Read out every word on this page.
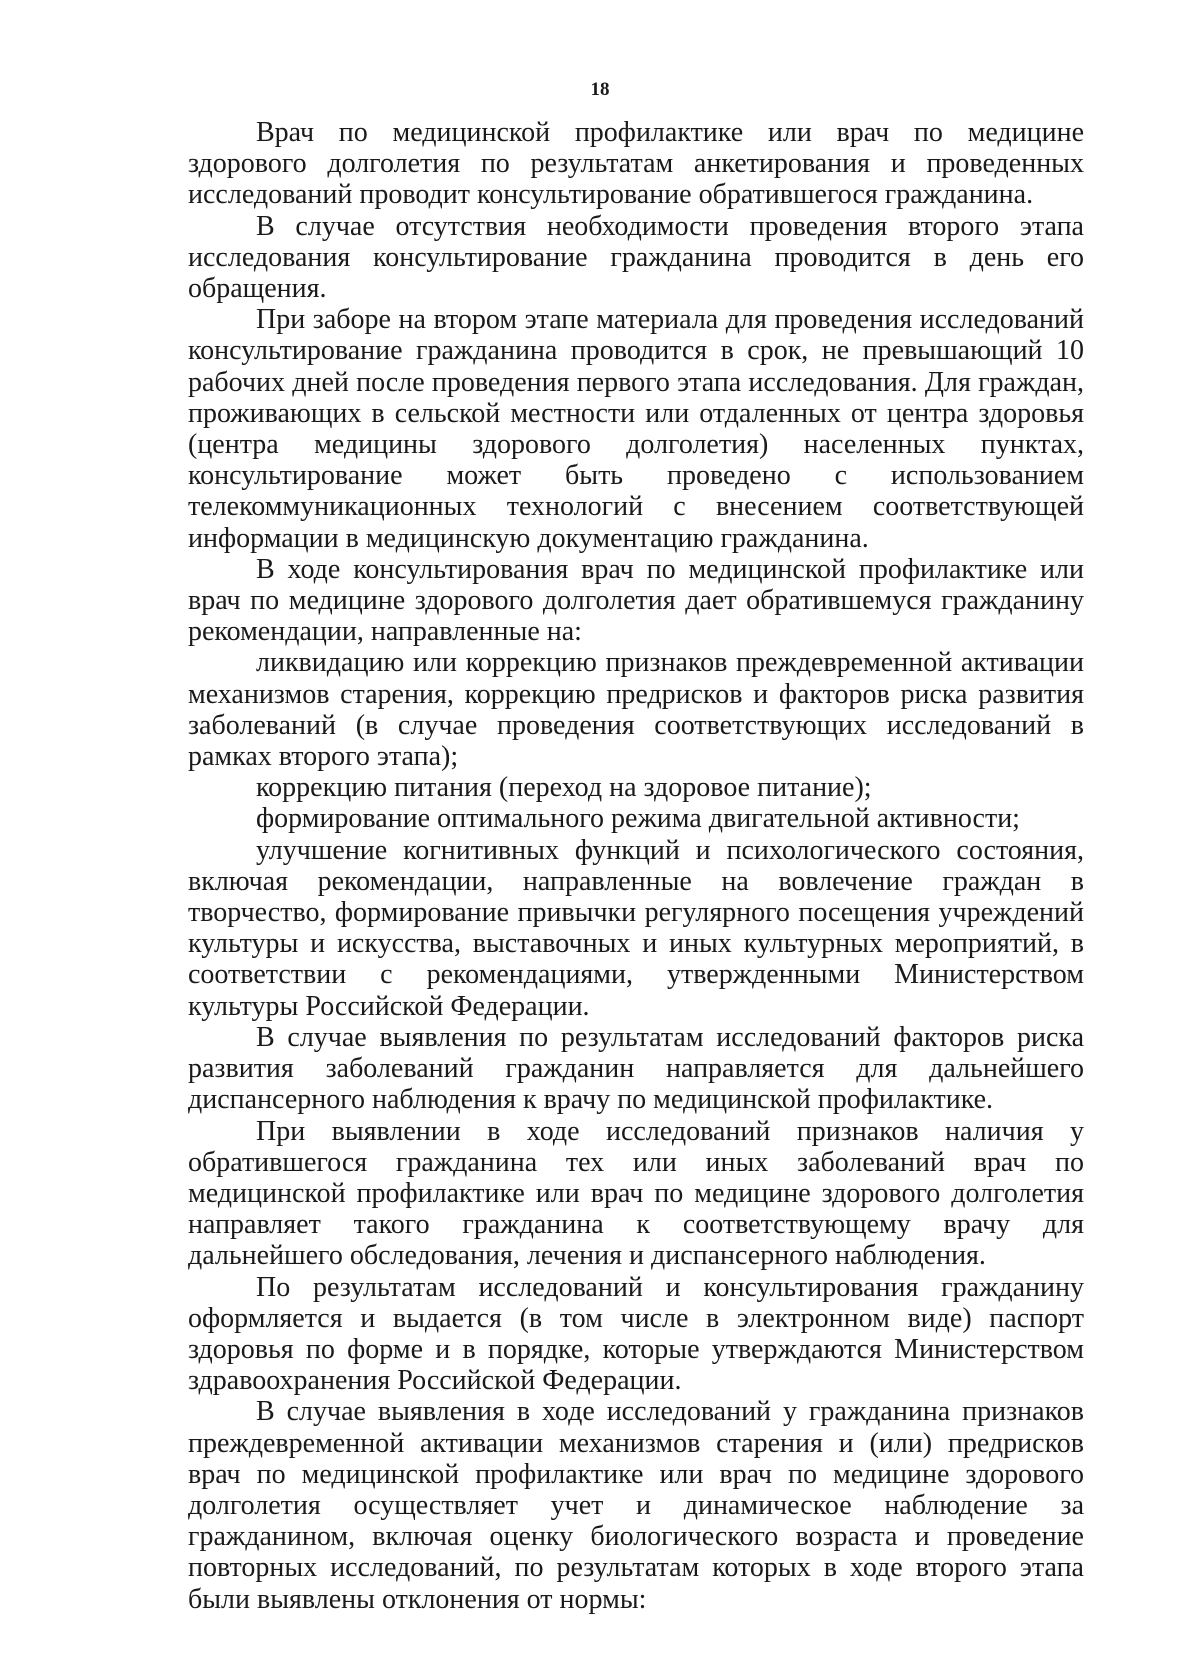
18

Врач по медицинской профилактике или врач по медицине здорового долголетия по результатам анкетирования и проведенных исследований проводит консультирование обратившегося гражданина.

В случае отсутствия необходимости проведения второго этапа исследования консультирование гражданина проводится в день его обращения.

При заборе на втором этапе материала для проведения исследований консультирование гражданина проводится в срок, не превышающий 10 рабочих дней после проведения первого этапа исследования. Для граждан, проживающих в сельской местности или отдаленных от центра здоровья (центра медицины здорового долголетия) населенных пунктах, консультирование может быть проведено с использованием телекоммуникационных технологий с внесением соответствующей информации в медицинскую документацию гражданина.

В ходе консультирования врач по медицинской профилактике или врач по медицине здорового долголетия дает обратившемуся гражданину рекомендации, направленные на:

ликвидацию или коррекцию признаков преждевременной активации механизмов старения, коррекцию предрисков и факторов риска развития заболеваний (в случае проведения соответствующих исследований в рамках второго этапа);

коррекцию питания (переход на здоровое питание);

формирование оптимального режима двигательной активности;

улучшение когнитивных функций и психологического состояния, включая рекомендации, направленные на вовлечение граждан в творчество, формирование привычки регулярного посещения учреждений культуры и искусства, выставочных и иных культурных мероприятий, в соответствии с рекомендациями, утвержденными Министерством культуры Российской Федерации.

В случае выявления по результатам исследований факторов риска развития заболеваний гражданин направляется для дальнейшего диспансерного наблюдения к врачу по медицинской профилактике.

При выявлении в ходе исследований признаков наличия у обратившегося гражданина тех или иных заболеваний врач по медицинской профилактике или врач по медицине здорового долголетия направляет такого гражданина к соответствующему врачу для дальнейшего обследования, лечения и диспансерного наблюдения.

По результатам исследований и консультирования гражданину оформляется и выдается (в том числе в электронном виде) паспорт здоровья по форме и в порядке, которые утверждаются Министерством здравоохранения Российской Федерации.

В случае выявления в ходе исследований у гражданина признаков преждевременной активации механизмов старения и (или) предрисков врач по медицинской профилактике или врач по медицине здорового долголетия осуществляет учет и динамическое наблюдение за гражданином, включая оценку биологического возраста и проведение повторных исследований, по результатам которых в ходе второго этапа были выявлены отклонения от нормы:
